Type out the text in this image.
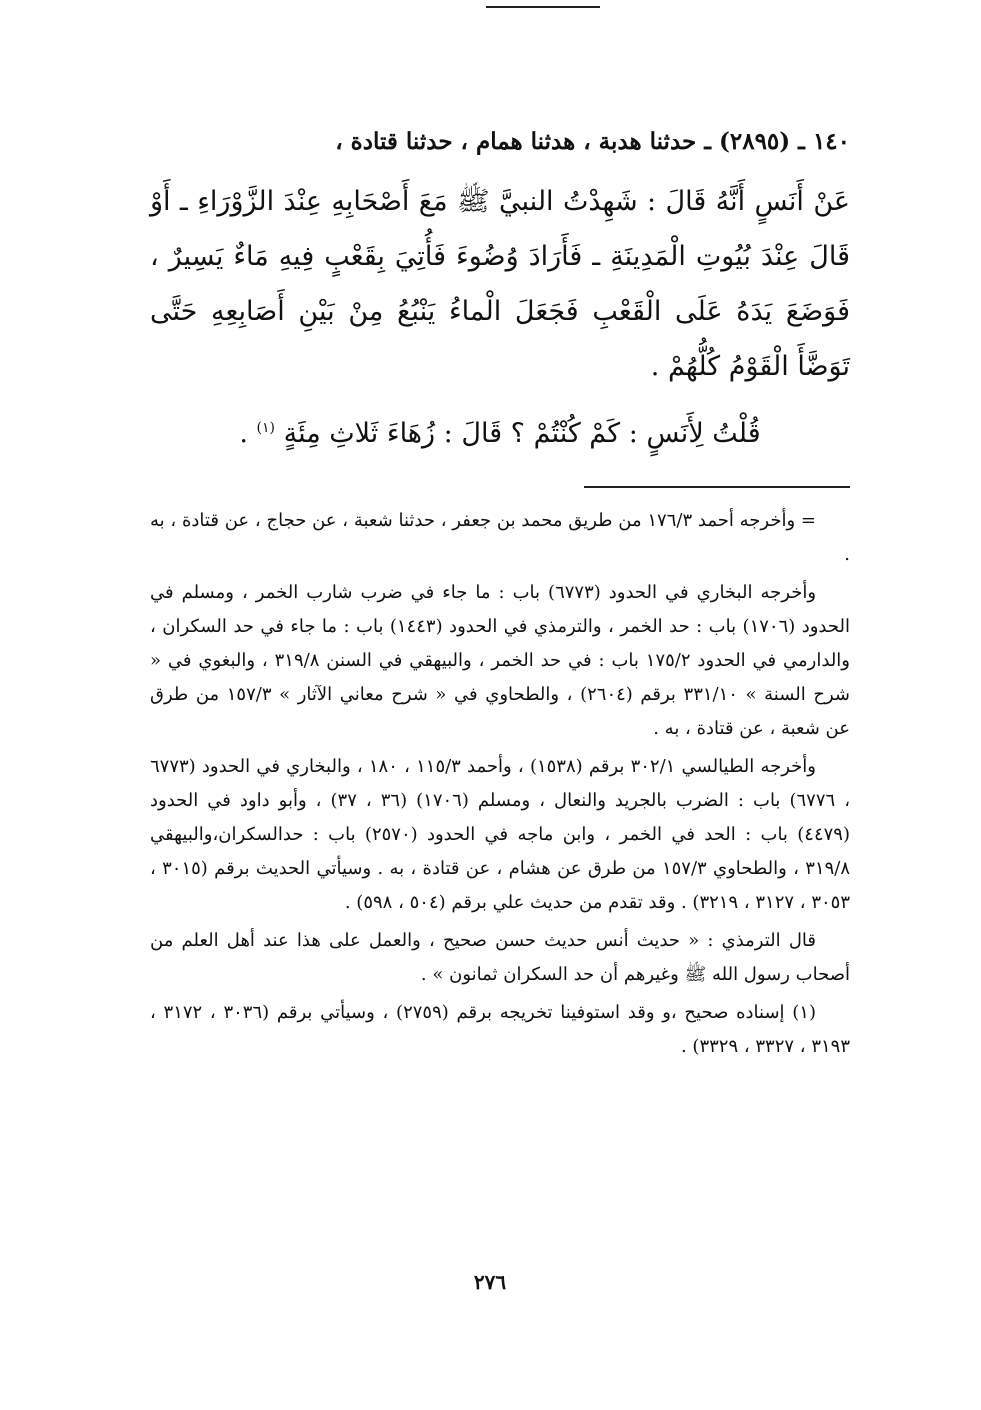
١٤٠ ـ (٢٨٩٥) ـ حدثنا هدبة ، هدثنا همام ، حدثنا قتادة ،

عَنْ أَنَسٍ أَنَّهُ قَالَ : شَهِدْتُ النبيَّ ﷺ مَعَ أَصْحَابِهِ عِنْدَ الزَّوْرَاءِ ـ أَوْ قَالَ عِنْدَ بُيُوتِ الْمَدِينَةِ ـ فَأَرَادَ وُضُوءَ فَأُتِيَ بِقَعْبٍ فِيهِ مَاءٌ يَسِيرٌ ، فَوَضَعَ يَدَهُ عَلَى الْقَعْبِ فَجَعَلَ الْماءُ يَنْبُعُ مِنْ بَيْنِ أَصَابِعِهِ حَتَّى تَوَضَّأَ الْقَوْمُ كُلُّهُمْ .

قُلْتُ لِأَنَسٍ : كَمْ كُنْتُمْ ؟ قَالَ : زُهَاءَ ثَلاثِ مِئَةٍ $^{(١)}$ .

= وأخرجه أحمد ١٧٦/٣ من طريق محمد بن جعفر ، حدثنا شعبة ، عن حجاج ، عن قتادة ، به .

وأخرجه البخاري في الحدود (٦٧٧٣) باب : ما جاء في ضرب شارب الخمر ، ومسلم في الحدود (١٧٠٦) باب : حد الخمر ، والترمذي في الحدود (١٤٤٣) باب : ما جاء في حد السكران ، والدارمي في الحدود ١٧٥/٢ باب : في حد الخمر ، والبيهقي في السنن ٣١٩/٨ ، والبغوي في « شرح السنة » ٣٣١/١٠ برقم (٢٦٠٤) ، والطحاوي في « شرح معاني الآثار » ١٥٧/٣ من طرق عن شعبة ، عن قتادة ، به .

وأخرجه الطيالسي ٣٠٢/١ برقم (١٥٣٨) ، وأحمد ١١٥/٣ ، ١٨٠ ، والبخاري في الحدود (٦٧٧٣ ، ٦٧٧٦) باب : الضرب بالجريد والنعال ، ومسلم (١٧٠٦) (٣٦ ، ٣٧) ، وأبو داود في الحدود (٤٤٧٩) باب : الحد في الخمر ، وابن ماجه في الحدود (٢٥٧٠) باب : حدالسكران،والبيهقي ٣١٩/٨ ، والطحاوي ١٥٧/٣ من طرق عن هشام ، عن قتادة ، به . وسيأتي الحديث برقم (٣٠١٥ ، ٣٠٥٣ ، ٣١٢٧ ، ٣٢١٩) . وقد تقدم من حديث علي برقم (٥٠٤ ، ٥٩٨) .

قال الترمذي : « حديث أنس حديث حسن صحيح ، والعمل على هذا عند أهل العلم من أصحاب رسول الله ﷺ وغيرهم أن حد السكران ثمانون » .

(١) إسناده صحيح ،و وقد استوفينا تخريجه برقم (٢٧٥٩) ، وسيأتي برقم (٣٠٣٦ ، ٣١٧٢ ، ٣١٩٣ ، ٣٣٢٧ ، ٣٣٢٩) .

٢٧٦
